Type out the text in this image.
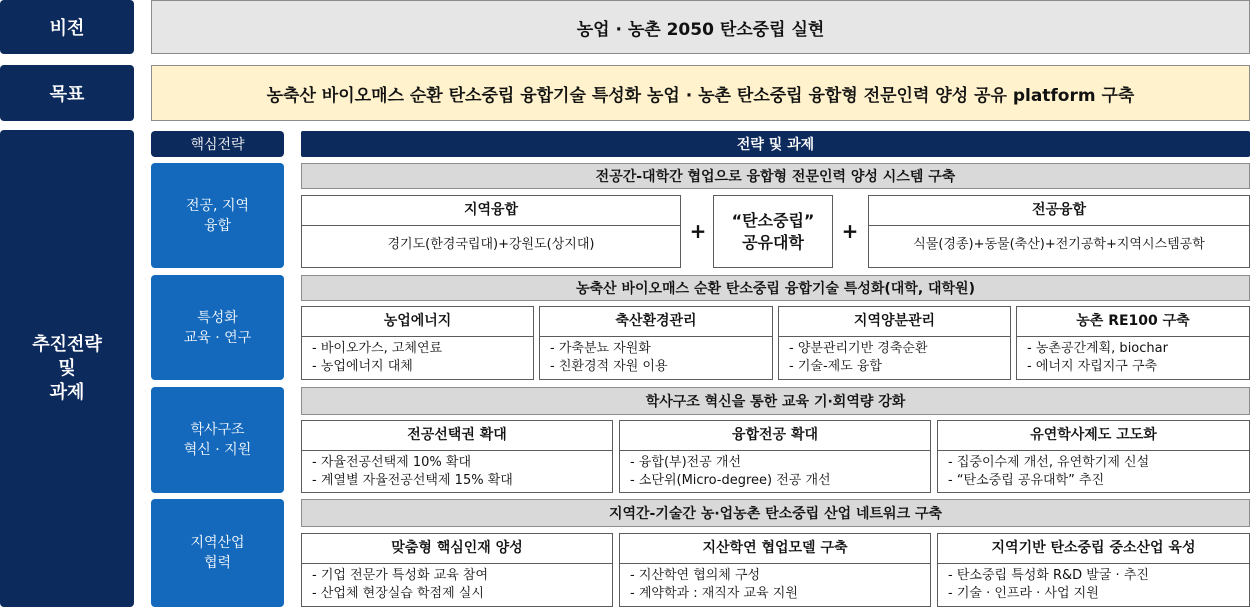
비전	농업 · 농촌 2050 탄소중립 실현
목표	농축산 바이오매스 순환 탄소중립 융합기술 특성화 농업 · 농촌 탄소중립 융합형 전문인력 양성 공유 platform 구축
추진전략
및
과제
핵심전략	전략 및 과제
전공, 지역
융합
전공간-대학간 협업으로 융합형 전문인력 양성 시스템 구축
지역융합
경기도(한경국립대)+강원도(상지대)
+	“탄소중립”
공유대학	+
전공융합
식물(경종)+동물(축산)+전기공학+지역시스템공학
특성화
교육 · 연구
농축산 바이오매스 순환 탄소중립 융합기술 특성화(대학, 대학원)
농업에너지
- 바이오가스, 고체연료
- 농업에너지 대체
축산환경관리
- 가축분뇨 자원화
- 친환경적 자원 이용
지역양분관리
- 양분관리기반 경축순환
- 기술-제도 융합
농촌 RE100 구축
- 농촌공간계획, biochar
- 에너지 자립지구 구축
학사구조
혁신 · 지원
학사구조 혁신을 통한 교육 기·회역량 강화
전공선택권 확대
- 자율전공선택제 10% 확대
- 계열별 자율전공선택제 15% 확대
융합전공 확대
- 융합(부)전공 개선
- 소단위(Micro-degree) 전공 개선
유연학사제도 고도화
- 집중이수제 개선, 유연학기제 신설
- “탄소중립 공유대학” 추진
지역산업
협력
지역간-기술간 농·업농촌 탄소중립 산업 네트워크 구축
맞춤형 핵심인재 양성
- 기업 전문가 특성화 교육 참여
- 산업체 현장실습 학점제 실시
지산학연 협업모델 구축
- 지산학연 협의체 구성
- 계약학과 : 재직자 교육 지원
지역기반 탄소중립 중소산업 육성
- 탄소중립 특성화 R&D 발굴 · 추진
- 기술 · 인프라 · 사업 지원
